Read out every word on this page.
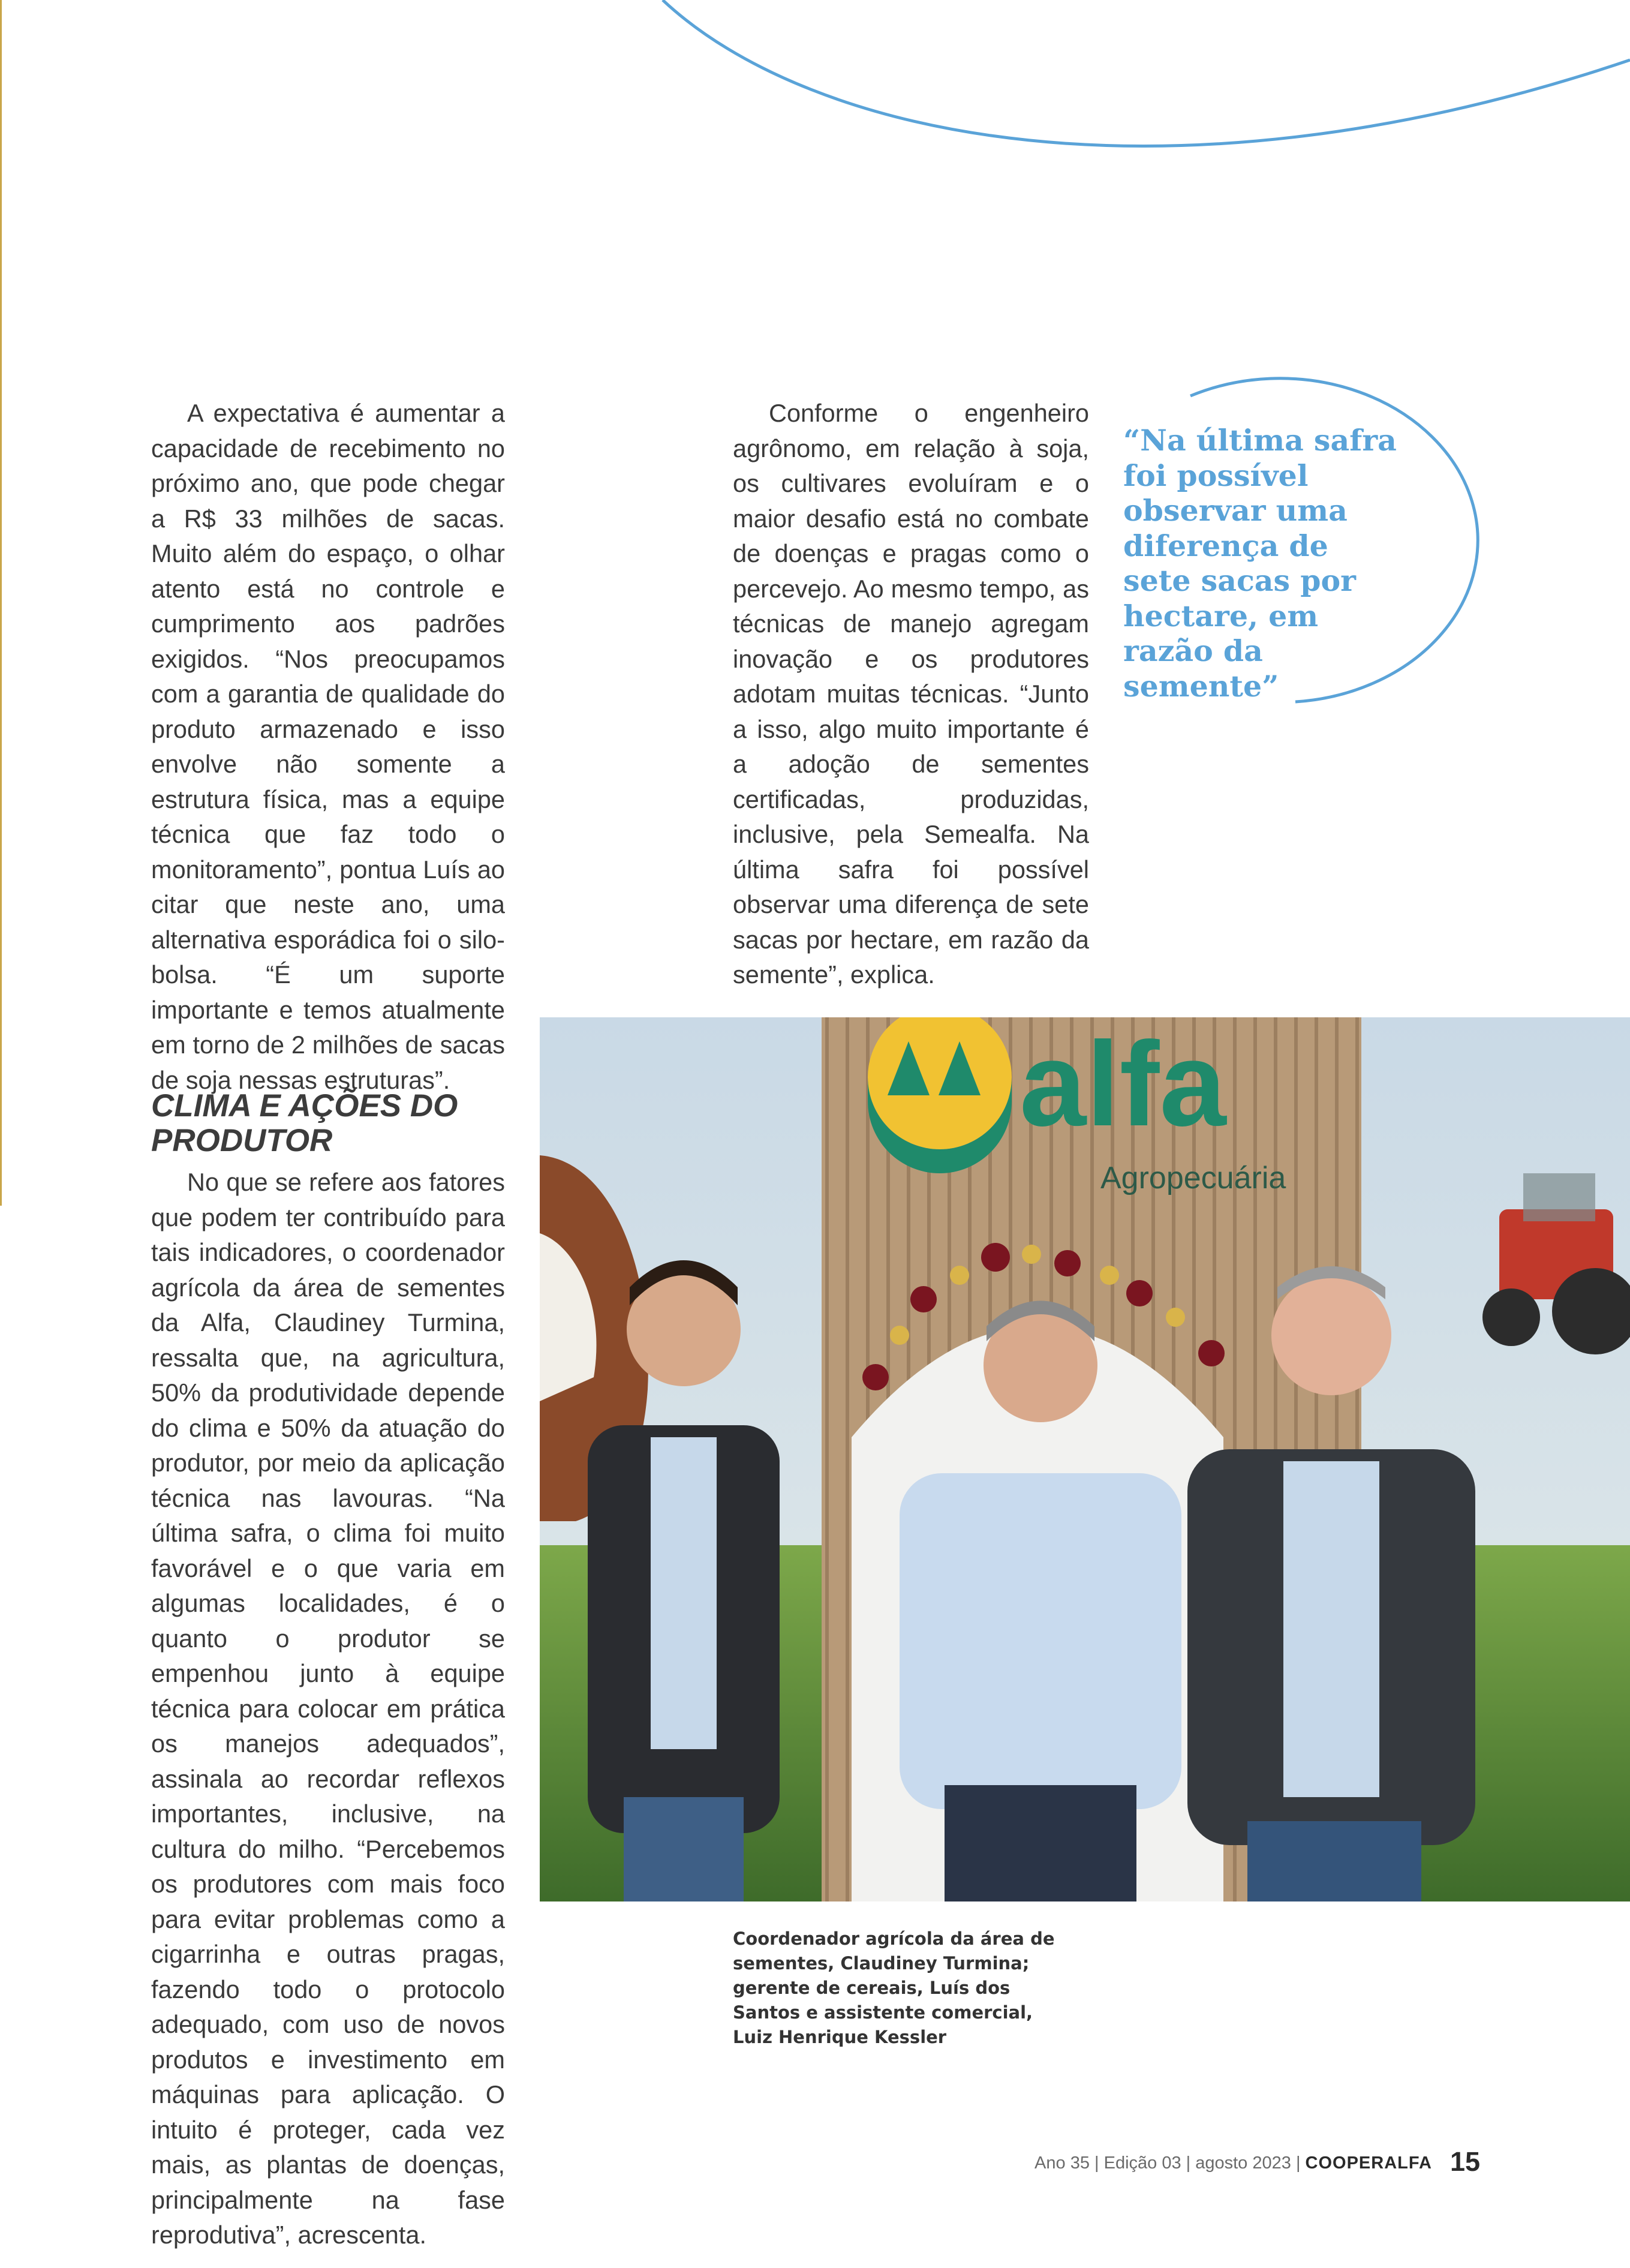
A expectativa é aumentar a capacidade de recebimento no próximo ano, que pode chegar a R$ 33 milhões de sacas. Muito além do espaço, o olhar atento está no controle e cumprimento aos padrões exigidos. “Nos preocupamos com a garantia de qualidade do produto armazenado e isso envolve não somente a estrutura física, mas a equipe técnica que faz todo o monitoramento”, pontua Luís ao citar que neste ano, uma alternativa esporádica foi o silo-bolsa. “É um suporte importante e temos atualmente em torno de 2 milhões de sacas de soja nessas estruturas”.

CLIMA E AÇÕES DO PRODUTOR

No que se refere aos fatores que podem ter contribuído para tais indicadores, o coordenador agrícola da área de sementes da Alfa, Claudiney Turmina, ressalta que, na agricultura, 50% da produtividade depende do clima e 50% da atuação do produtor, por meio da aplicação técnica nas lavouras. “Na última safra, o clima foi muito favorável e o que varia em algumas localidades, é o quanto o produtor se empenhou junto à equipe técnica para colocar em prática os manejos adequados”, assinala ao recordar reflexos importantes, inclusive, na cultura do milho. “Percebemos os produtores com mais foco para evitar problemas como a cigarrinha e outras pragas, fazendo todo o protocolo adequado, com uso de novos produtos e investimento em máquinas para aplicação. O intuito é proteger, cada vez mais, as plantas de doenças, principalmente na fase reprodutiva”, acrescenta.

Conforme o engenheiro agrônomo, em relação à soja, os cultivares evoluíram e o maior desafio está no combate de doenças e pragas como o percevejo. Ao mesmo tempo, as técnicas de manejo agregam inovação e os produtores adotam muitas técnicas. “Junto a isso, algo muito importante é a adoção de sementes certificadas, produzidas, inclusive, pela Semealfa. Na última safra foi possível observar uma diferença de sete sacas por hectare, em razão da semente”, explica.

“Na última safra foi possível observar uma diferença de sete sacas por hectare, em razão da semente”
alfa
Agropecuária
Coordenador agrícola da área de sementes, Claudiney Turmina; gerente de cereais, Luís dos Santos e assistente comercial, Luiz Henrique Kessler
Ano 35 | Edição 03 | agosto 2023 | COOPERALFA 15
